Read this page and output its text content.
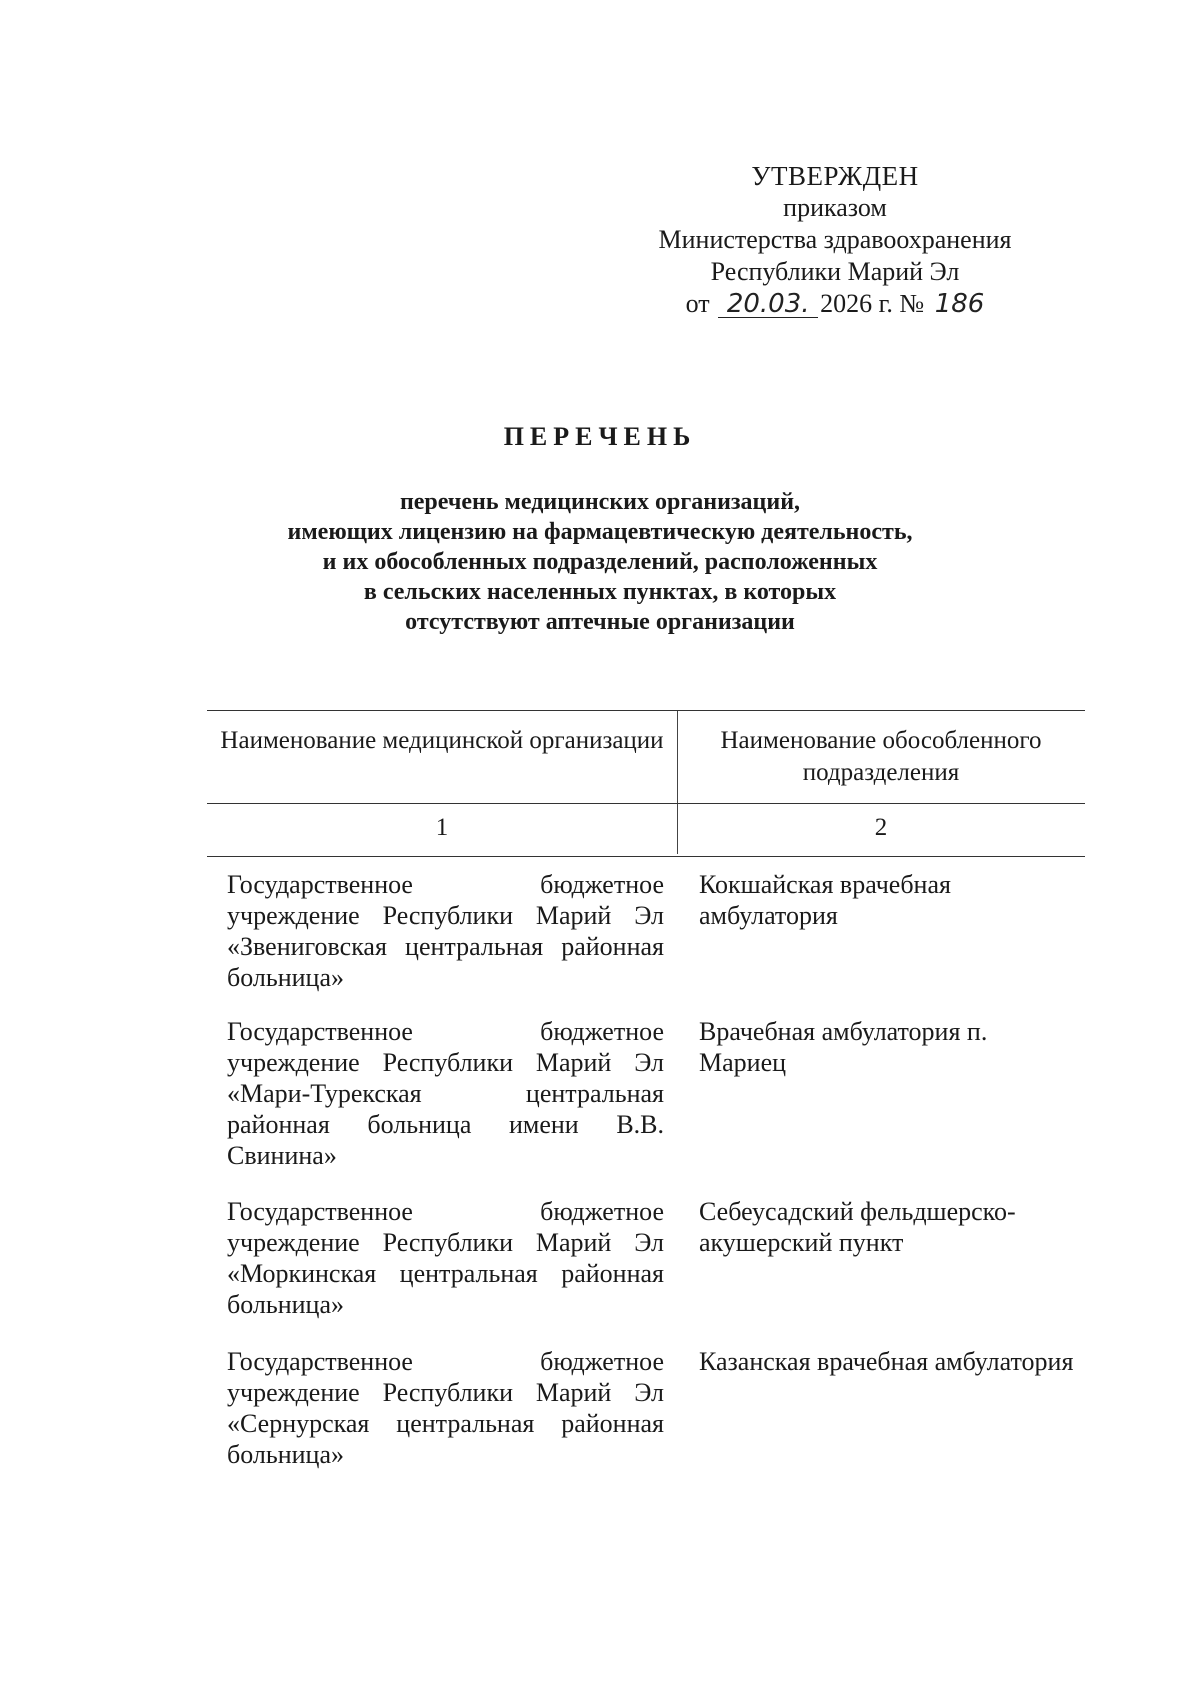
УТВЕРЖДЕН
приказом
Министерства здравоохранения
Республики Марий Эл
от 20.03. 2026 г. № 186
ПЕРЕЧЕНЬ
перечень медицинских организаций,
имеющих лицензию на фармацевтическую деятельность,
и их обособленных подразделений, расположенных
в сельских населенных пунктах, в которых
отсутствуют аптечные организации
Наименование медицинской организации	Наименование обособленного подразделения
1	2
Государственное бюджетное учреждение Республики Марий Эл «Звениговская центральная районная больница»
Кокшайская врачебная амбулатория
Государственное бюджетное учреждение Республики Марий Эл «Мари-Турекская центральная районная больница имени В.В. Свинина»
Врачебная амбулатория п. Мариец
Государственное бюджетное учреждение Республики Марий Эл «Моркинская центральная районная больница»
Себеусадский фельдшерско-акушерский пункт
Государственное бюджетное учреждение Республики Марий Эл «Сернурская центральная районная больница»
Казанская врачебная амбулатория
